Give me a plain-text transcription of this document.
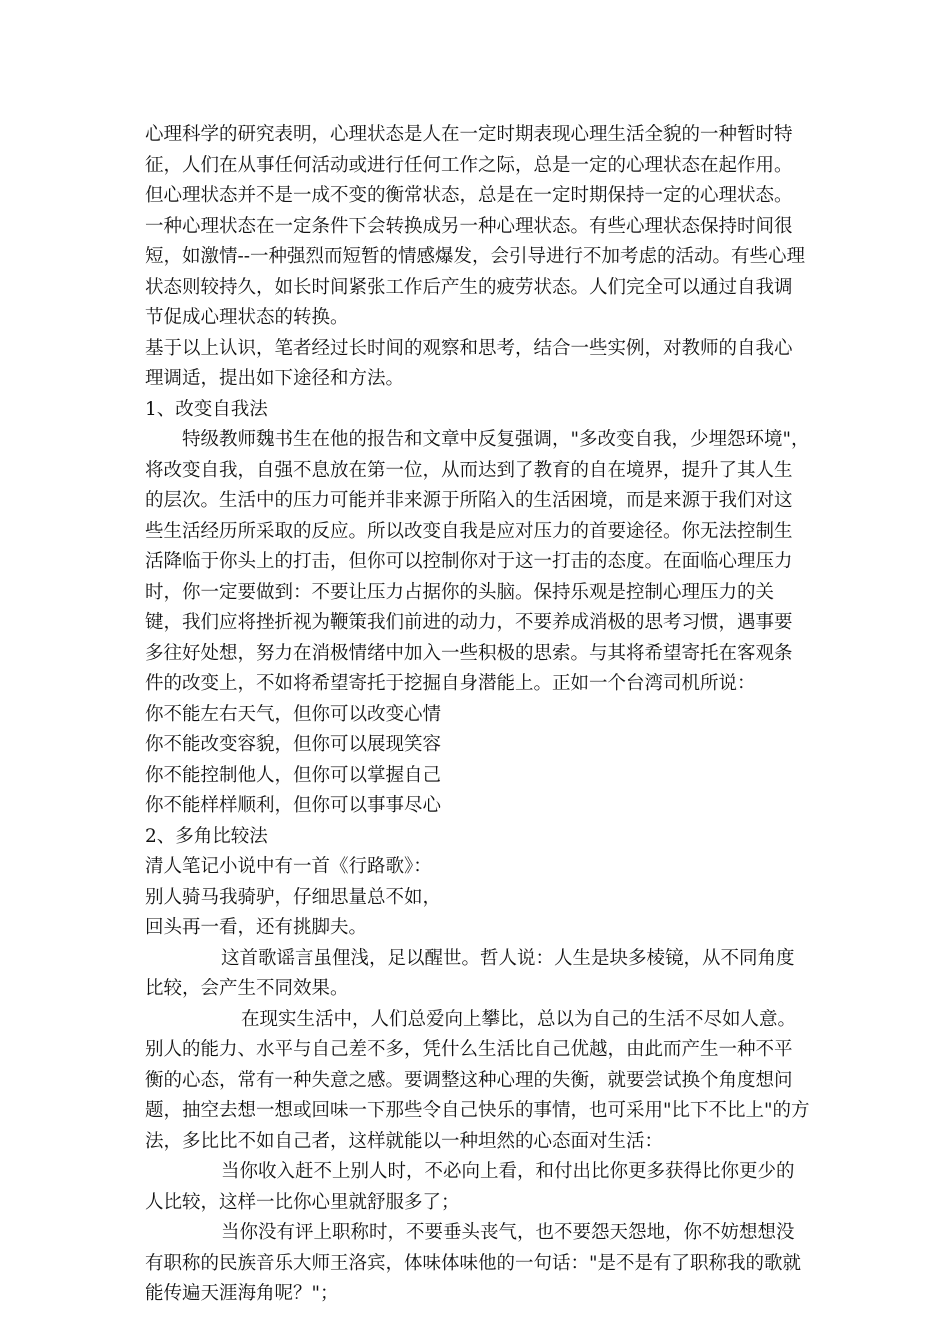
心理科学的研究表明，心理状态是人在一定时期表现心理生活全貌的一种暂时特征，人们在从事任何活动或进行任何工作之际，总是一定的心理状态在起作用。但心理状态并不是一成不变的衡常状态，总是在一定时期保持一定的心理状态。一种心理状态在一定条件下会转换成另一种心理状态。有些心理状态保持时间很短，如激情--一种强烈而短暂的情感爆发，会引导进行不加考虑的活动。有些心理状态则较持久，如长时间紧张工作后产生的疲劳状态。人们完全可以通过自我调节促成心理状态的转换。

基于以上认识，笔者经过长时间的观察和思考，结合一些实例，对教师的自我心理调适，提出如下途径和方法。

1、改变自我法

特级教师魏书生在他的报告和文章中反复强调，"多改变自我，少埋怨环境"，将改变自我，自强不息放在第一位，从而达到了教育的自在境界，提升了其人生的层次。生活中的压力可能并非来源于所陷入的生活困境，而是来源于我们对这些生活经历所采取的反应。所以改变自我是应对压力的首要途径。你无法控制生活降临于你头上的打击，但你可以控制你对于这一打击的态度。在面临心理压力时，你一定要做到：不要让压力占据你的头脑。保持乐观是控制心理压力的关键，我们应将挫折视为鞭策我们前进的动力，不要养成消极的思考习惯，遇事要多往好处想，努力在消极情绪中加入一些积极的思索。与其将希望寄托在客观条件的改变上，不如将希望寄托于挖掘自身潜能上。正如一个台湾司机所说：

你不能左右天气，但你可以改变心情

你不能改变容貌，但你可以展现笑容

你不能控制他人，但你可以掌握自己

你不能样样顺利，但你可以事事尽心

2、多角比较法

清人笔记小说中有一首《行路歌》：

别人骑马我骑驴，仔细思量总不如，

回头再一看，还有挑脚夫。

这首歌谣言虽俚浅，足以醒世。哲人说：人生是块多棱镜，从不同角度比较，会产生不同效果。

在现实生活中，人们总爱向上攀比，总以为自己的生活不尽如人意。别人的能力、水平与自己差不多，凭什么生活比自己优越，由此而产生一种不平衡的心态，常有一种失意之感。要调整这种心理的失衡，就要尝试换个角度想问题，抽空去想一想或回味一下那些令自己快乐的事情，也可采用"比下不比上"的方法，多比比不如自己者，这样就能以一种坦然的心态面对生活：

当你收入赶不上别人时，不必向上看，和付出比你更多获得比你更少的人比较，这样一比你心里就舒服多了；

当你没有评上职称时，不要垂头丧气，也不要怨天怨地，你不妨想想没有职称的民族音乐大师王洛宾，体味体味他的一句话："是不是有了职称我的歌就能传遍天涯海角呢？"；
